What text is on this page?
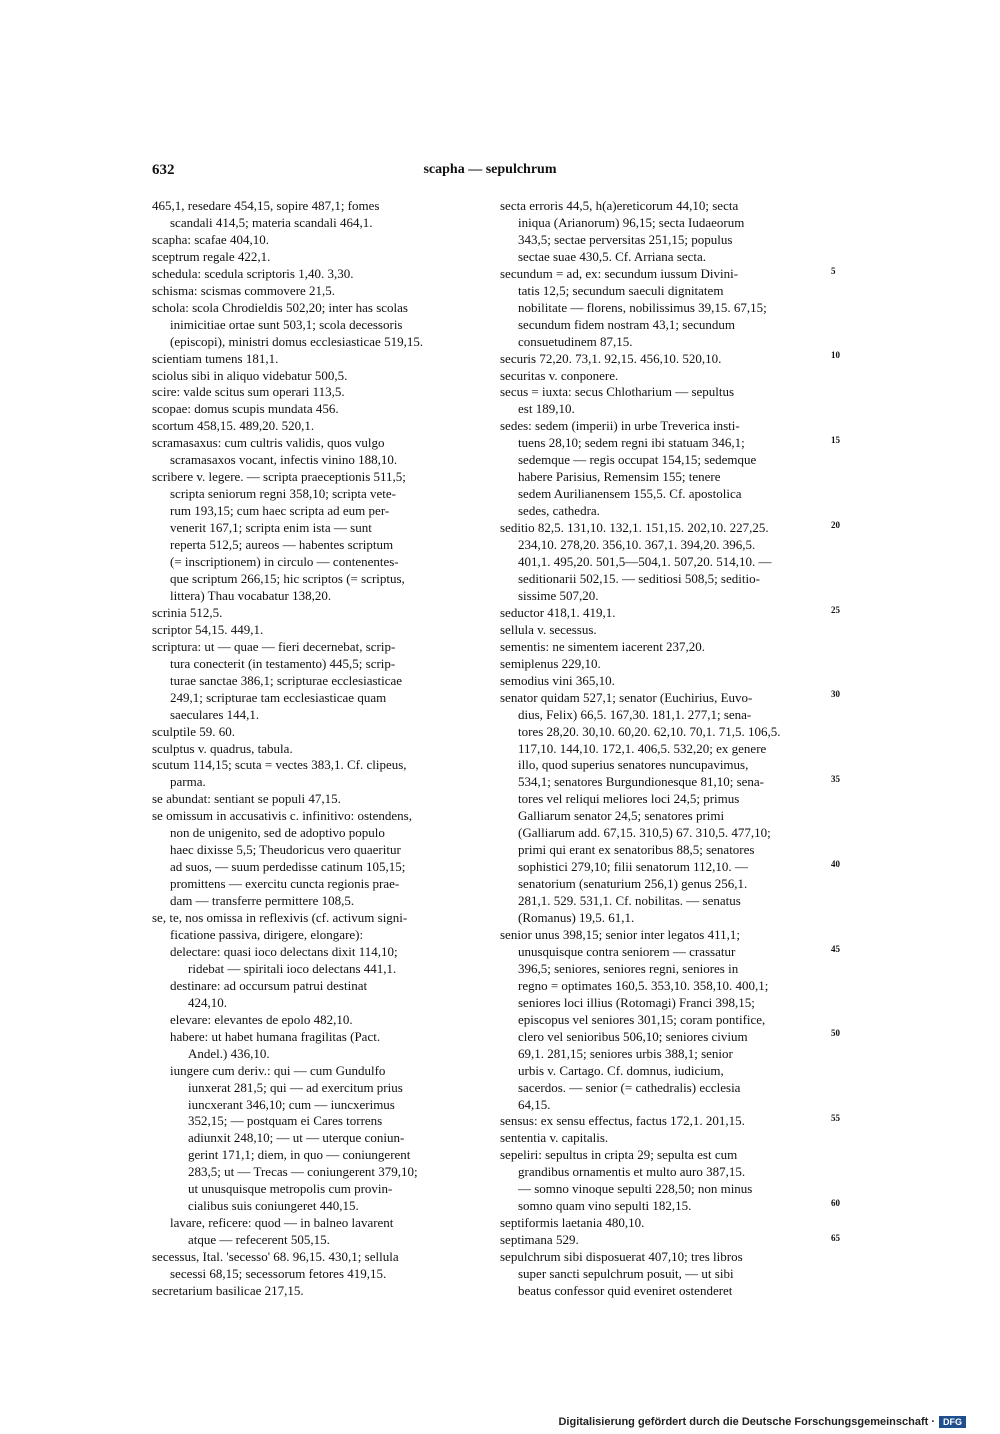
632	scapha — sepulchrum
465,1, resedare 454,15, sopire 487,1; fomes
scandali 414,5; materia scandali 464,1.
scapha: scafae 404,10.
sceptrum regale 422,1.
schedula: scedula scriptoris 1,40. 3,30.
schisma: scismas commovere 21,5.
schola: scola Chrodieldis 502,20; inter has scolas
inimicitiae ortae sunt 503,1; scola decessoris
(episcopi), ministri domus ecclesiasticae 519,15.
scientiam tumens 181,1.
sciolus sibi in aliquo videbatur 500,5.
scire: valde scitus sum operari 113,5.
scopae: domus scupis mundata 456.
scortum 458,15. 489,20. 520,1.
scramasaxus: cum cultris validis, quos vulgo
scramasaxos vocant, infectis vinino 188,10.
scribere v. legere. — scripta praeceptionis 511,5;
scripta seniorum regni 358,10; scripta vete-
rum 193,15; cum haec scripta ad eum per-
venerit 167,1; scripta enim ista — sunt
reperta 512,5; aureos — habentes scriptum
(= inscriptionem) in circulo — contenentes-
que scriptum 266,15; hic scriptos (= scriptus,
littera) Thau vocabatur 138,20.
scrinia 512,5.
scriptor 54,15. 449,1.
scriptura: ut — quae — fieri decernebat, scrip-
tura conecterit (in testamento) 445,5; scrip-
turae sanctae 386,1; scripturae ecclesiasticae
249,1; scripturae tam ecclesiasticae quam
saeculares 144,1.
sculptile 59. 60.
sculptus v. quadrus, tabula.
scutum 114,15; scuta = vectes 383,1. Cf. clipeus,
parma.
se abundat: sentiant se populi 47,15.
se omissum in accusativis c. infinitivo: ostendens,
non de unigenito, sed de adoptivo populo
haec dixisse 5,5; Theudoricus vero quaeritur
ad suos, — suum perdedisse catinum 105,15;
promittens — exercitu cuncta regionis prae-
dam — transferre permittere 108,5.
se, te, nos omissa in reflexivis (cf. activum signi-
ficatione passiva, dirigere, elongare):
delectare: quasi ioco delectans dixit 114,10;
ridebat — spiritali ioco delectans 441,1.
destinare: ad occursum patrui destinat
424,10.
elevare: elevantes de epolo 482,10.
habere: ut habet humana fragilitas (Pact.
Andel.) 436,10.
iungere cum deriv.: qui — cum Gundulfo
iunxerat 281,5; qui — ad exercitum prius
iuncxerant 346,10; cum — iuncxerimus
352,15; — postquam ei Cares torrens
adiunxit 248,10; — ut — uterque coniun-
gerint 171,1; diem, in quo — coniungerent
283,5; ut — Trecas — coniungerent 379,10;
ut unusquisque metropolis cum provin-
cialibus suis coniungeret 440,15.
lavare, reficere: quod — in balneo lavarent
atque — refecerent 505,15.
secessus, Ital. 'secesso' 68. 96,15. 430,1; sellula
secessi 68,15; secessorum fetores 419,15.
secretarium basilicae 217,15.
secta erroris 44,5, h(a)ereticorum 44,10; secta
iniqua (Arianorum) 96,15; secta Iudaeorum
343,5; sectae perversitas 251,15; populus
sectae suae 430,5. Cf. Arriana secta.
secundum = ad, ex: secundum iussum Divini-
tatis 12,5; secundum saeculi dignitatem
nobilitate — florens, nobilissimus 39,15. 67,15;
secundum fidem nostram 43,1; secundum
consuetudinem 87,15.
securis 72,20. 73,1. 92,15. 456,10. 520,10.
securitas v. conponere.
secus = iuxta: secus Chlotharium — sepultus
est 189,10.
sedes: sedem (imperii) in urbe Treverica insti-
tuens 28,10; sedem regni ibi statuam 346,1;
sedemque — regis occupat 154,15; sedemque
habere Parisius, Remensim 155; tenere
sedem Aurilianensem 155,5. Cf. apostolica
sedes, cathedra.
seditio 82,5. 131,10. 132,1. 151,15. 202,10. 227,25.
234,10. 278,20. 356,10. 367,1. 394,20. 396,5.
401,1. 495,20. 501,5—504,1. 507,20. 514,10. —
seditionarii 502,15. — seditiosi 508,5; seditio-
sissime 507,20.
seductor 418,1. 419,1.
sellula v. secessus.
sementis: ne simentem iacerent 237,20.
semiplenus 229,10.
semodius vini 365,10.
senator quidam 527,1; senator (Euchirius, Euvo-
dius, Felix) 66,5. 167,30. 181,1. 277,1; sena-
tores 28,20. 30,10. 60,20. 62,10. 70,1. 71,5. 106,5.
117,10. 144,10. 172,1. 406,5. 532,20; ex genere
illo, quod superius senatores nuncupavimus,
534,1; senatores Burgundionesque 81,10; sena-
tores vel reliqui meliores loci 24,5; primus
Galliarum senator 24,5; senatores primi
(Galliarum add. 67,15. 310,5) 67. 310,5. 477,10;
primi qui erant ex senatoribus 88,5; senatores
sophistici 279,10; filii senatorum 112,10. —
senatorium (senaturium 256,1) genus 256,1.
281,1. 529. 531,1. Cf. nobilitas. — senatus
(Romanus) 19,5. 61,1.
senior unus 398,15; senior inter legatos 411,1;
unusquisque contra seniorem — crassatur
396,5; seniores, seniores regni, seniores in
regno = optimates 160,5. 353,10. 358,10. 400,1;
seniores loci illius (Rotomagi) Franci 398,15;
episcopus vel seniores 301,15; coram pontifice,
clero vel senioribus 506,10; seniores civium
69,1. 281,15; seniores urbis 388,1; senior
urbis v. Cartago. Cf. domnus, iudicium,
sacerdos. — senior (= cathedralis) ecclesia
64,15.
sensus: ex sensu effectus, factus 172,1. 201,15.
sententia v. capitalis.
sepeliri: sepultus in cripta 29; sepulta est cum
grandibus ornamentis et multo auro 387,15.
— somno vinoque sepulti 228,50; non minus
somno quam vino sepulti 182,15.
septiformis laetania 480,10.
septimana 529.
sepulchrum sibi disposuerat 407,10; tres libros
super sancti sepulchrum posuit, — ut sibi
beatus confessor quid eveniret ostenderet
5
10
15
20
25
30
35
40
45
50
55
60
65
Digitalisierung gefördert durch die Deutsche Forschungsgemeinschaft · DFG
